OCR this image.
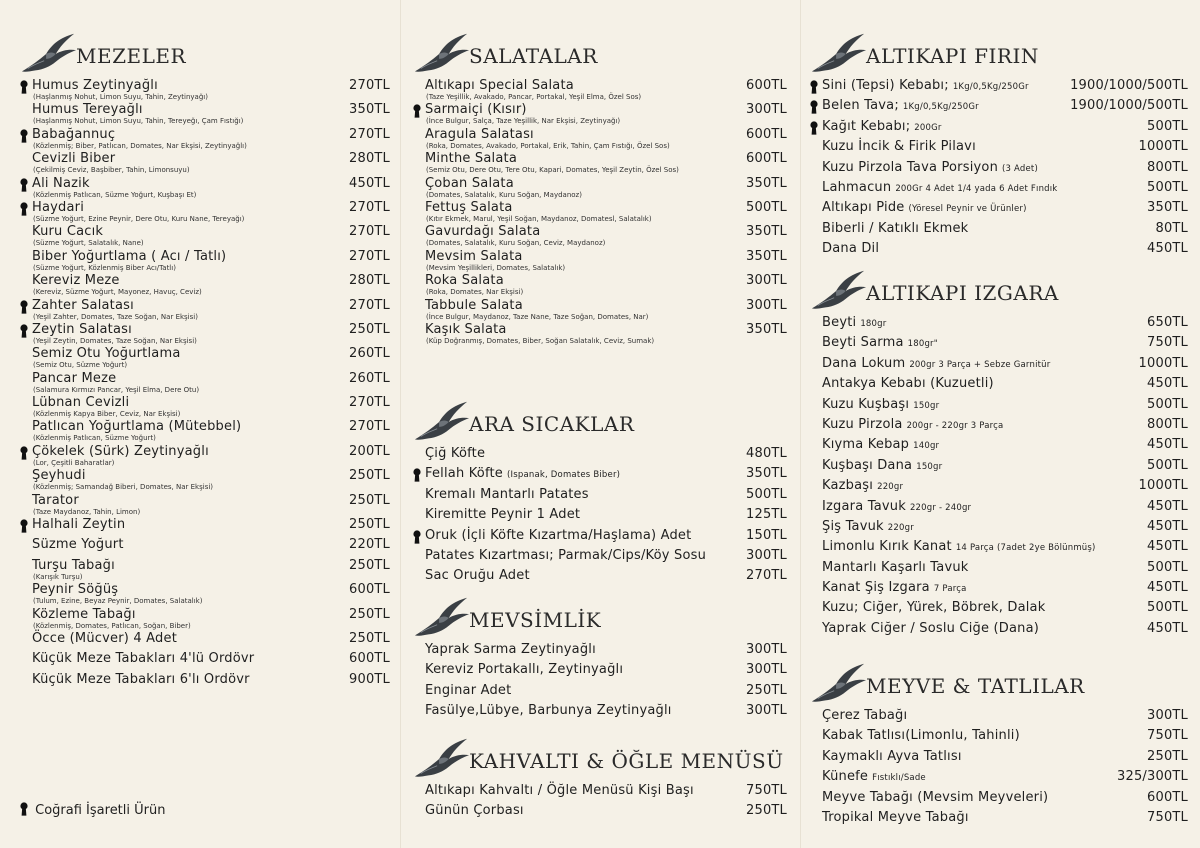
MEZELER
Humus Zeytinyağlı	270TL
(Haşlanmış Nohut, Limon Suyu, Tahin, Zeytinyağı)
Humus Tereyağlı	350TL
(Haşlanmış Nohut, Limon Suyu, Tahin, Tereyeğı, Çam Fıstığı)
Babağannuç	270TL
(Közlenmiş; Biber, Patlıcan, Domates, Nar Ekşisi, Zeytinyağlı)
Cevizli Biber	280TL
(Çekilmiş Ceviz, Başbiber, Tahin, Limonsuyu)
Ali Nazik	450TL
(Közlenmiş Patlıcan, Süzme Yoğurt, Kuşbaşı Et)
Haydari	270TL
(Süzme Yoğurt, Ezine Peynir, Dere Otu, Kuru Nane, Tereyağı)
Kuru Cacık	270TL
(Süzme Yoğurt, Salatalık, Nane)
Biber Yoğurtlama ( Acı / Tatlı)	270TL
(Süzme Yoğurt, Közlenmiş Biber Acı/Tatlı)
Kereviz Meze	280TL
(Kereviz, Süzme Yoğurt, Mayonez, Havuç, Ceviz)
Zahter Salatası	270TL
(Yeşil Zahter, Domates, Taze Soğan, Nar Ekşisi)
Zeytin Salatası	250TL
(Yeşil Zeytin, Domates, Taze Soğan, Nar Ekşisi)
Semiz Otu Yoğurtlama	260TL
(Semiz Otu, Süzme Yoğurt)
Pancar Meze	260TL
(Salamura Kırmızı Pancar, Yeşil Elma, Dere Otu)
Lübnan Cevizli	270TL
(Közlenmiş Kapya Biber, Ceviz, Nar Ekşisi)
Patlıcan Yoğurtlama (Mütebbel)	270TL
(Közlenmiş Patlıcan, Süzme Yoğurt)
Çökelek (Sürk) Zeytinyağlı	200TL
(Lor, Çeşitli Baharatlar)
Şeyhudi	250TL
(Közlenmiş; Samandağ Biberi, Domates, Nar Ekşisi)
Tarator	250TL
(Taze Maydanoz, Tahin, Limon)
Halhali Zeytin	250TL
Süzme Yoğurt	220TL
Turşu Tabağı	250TL
(Karışık Turşu)
Peynir Söğüş	600TL
(Tulum, Ezine, Beyaz Peynir, Domates, Salatalık)
Közleme Tabağı	250TL
(Közlenmiş, Domates, Patlıcan, Soğan, Biber)
Öcce (Mücver) 4 Adet	250TL
Küçük Meze Tabakları 4'lü Ordövr	600TL
Küçük Meze Tabakları 6'lı Ordövr	900TL
SALATALAR
Altıkapı Special Salata	600TL
(Taze Yeşillik, Avakado, Pancar, Portakal, Yeşil Elma, Özel Sos)
Sarmaiçi (Kısır)	300TL
(İnce Bulgur, Salça, Taze Yeşillik, Nar Ekşisi, Zeytinyağı)
Aragula Salatası	600TL
(Roka, Domates, Avakado, Portakal, Erik, Tahin, Çam Fıstığı, Özel Sos)
Minthe Salata	600TL
(Semiz Otu, Dere Otu, Tere Otu, Kapari, Domates, Yeşil Zeytin, Özel Sos)
Çoban Salata	350TL
(Domates, Salatalık, Kuru Soğan, Maydanoz)
Fettuş Salata	500TL
(Kıtır Ekmek, Marul, Yeşil Soğan, Maydanoz, Domatesl, Salatalık)
Gavurdağı Salata	350TL
(Domates, Salatalık, Kuru Soğan, Ceviz, Maydanoz)
Mevsim Salata	350TL
(Mevsim Yeşillikleri, Domates, Salatalık)
Roka Salata	300TL
(Roka, Domates, Nar Ekşisi)
Tabbule Salata	300TL
(İnce Bulgur, Maydanoz, Taze Nane, Taze Soğan, Domates, Nar)
Kaşık Salata	350TL
(Küp Doğranmış, Domates, Biber, Soğan Salatalık, Ceviz, Sumak)
ARA SICAKLAR
Çiğ Köfte	480TL
Fellah Köfte (Ispanak, Domates Biber)	350TL
Kremalı Mantarlı Patates	500TL
Kiremitte Peynir 1 Adet	125TL
Oruk (İçli Köfte Kızartma/Haşlama) Adet	150TL
Patates Kızartması; Parmak/Cips/Köy Sosu	300TL
Sac Oruğu Adet	270TL
MEVSİMLİK
Yaprak Sarma Zeytinyağlı	300TL
Kereviz Portakallı, Zeytinyağlı	300TL
Enginar Adet	250TL
Fasülye,Lübye, Barbunya Zeytinyağlı	300TL
KAHVALTI & ÖĞLE MENÜSÜ
Altıkapı Kahvaltı / Öğle Menüsü Kişi Başı	750TL
Günün Çorbası	250TL
ALTIKAPI FIRIN
Sini (Tepsi) Kebabı; 1Kg/0,5Kg/250Gr	1900/1000/500TL
Belen Tava; 1Kg/0,5Kg/250Gr	1900/1000/500TL
Kağıt Kebabı; 200Gr	500TL
Kuzu İncik & Firik Pilavı	1000TL
Kuzu Pirzola Tava Porsiyon (3 Adet)	800TL
Lahmacun 200Gr 4 Adet 1/4 yada 6 Adet Fındık	500TL
Altıkapı Pide (Yöresel Peynir ve Ürünler)	350TL
Biberli / Katıklı Ekmek	80TL
Dana Dil	450TL
ALTIKAPI IZGARA
Beyti 180gr	650TL
Beyti Sarma 180gr"	750TL
Dana Lokum 200gr 3 Parça + Sebze Garnitür	1000TL
Antakya Kebabı (Kuzuetli)	450TL
Kuzu Kuşbaşı 150gr	500TL
Kuzu Pirzola 200gr - 220gr 3 Parça	800TL
Kıyma Kebap 140gr	450TL
Kuşbaşı Dana 150gr	500TL
Kazbaşı 220gr	1000TL
Izgara Tavuk 220gr - 240gr	450TL
Şiş Tavuk 220gr	450TL
Limonlu Kırık Kanat 14 Parça (7adet 2ye Bölünmüş)	450TL
Mantarlı Kaşarlı Tavuk	500TL
Kanat Şiş Izgara 7 Parça	450TL
Kuzu; Ciğer, Yürek, Böbrek, Dalak	500TL
Yaprak Ciğer / Soslu Ciğe (Dana)	450TL
MEYVE & TATLILAR
Çerez Tabağı	300TL
Kabak Tatlısı(Limonlu, Tahinli)	750TL
Kaymaklı Ayva Tatlısı	250TL
Künefe Fıstıklı/Sade	325/300TL
Meyve Tabağı (Mevsim Meyveleri)	600TL
Tropikal Meyve Tabağı	750TL
Coğrafi İşaretli Ürün
